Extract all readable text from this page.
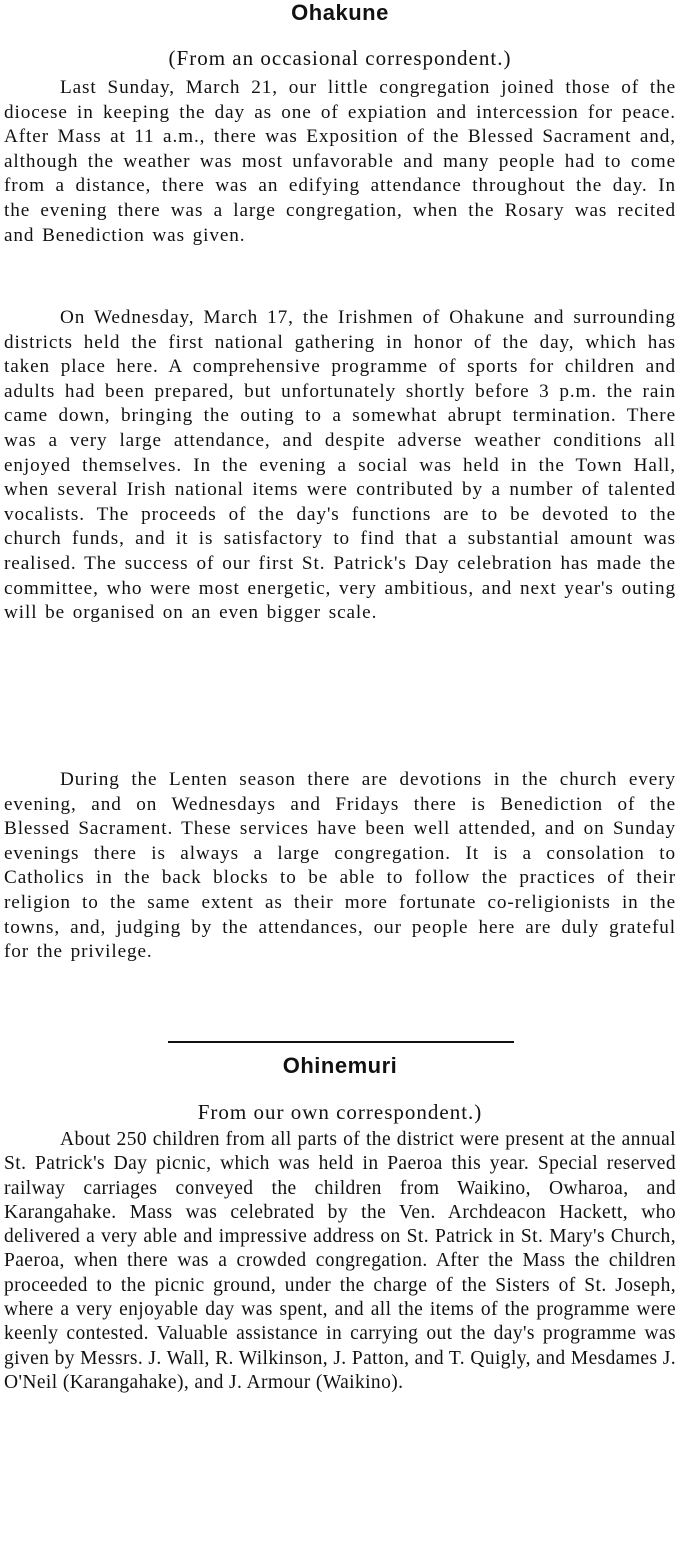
Ohakune
(From an occasional correspondent.)

Last Sunday, March 21, our little congregation joined those of the diocese in keeping the day as one of expiation and intercession for peace. After Mass at 11 a.m., there was Exposition of the Blessed Sacrament and, although the weather was most unfavorable and many people had to come from a distance, there was an edifying attendance throughout the day. In the evening there was a large congregation, when the Rosary was recited and Benediction was given.

On Wednesday, March 17, the Irishmen of Ohakune and surrounding districts held the first national gathering in honor of the day, which has taken place here. A comprehensive programme of sports for children and adults had been prepared, but unfortunately shortly before 3 p.m. the rain came down, bringing the outing to a somewhat abrupt termination. There was a very large attendance, and despite adverse weather conditions all enjoyed themselves. In the evening a social was held in the Town Hall, when several Irish national items were contributed by a number of talented vocalists. The proceeds of the day's functions are to be devoted to the church funds, and it is satisfactory to find that a substantial amount was realised. The success of our first St. Patrick's Day celebration has made the committee, who were most energetic, very ambitious, and next year's outing will be organised on an even bigger scale.

During the Lenten season there are devotions in the church every evening, and on Wednesdays and Fridays there is Benediction of the Blessed Sacrament. These services have been well attended, and on Sunday evenings there is always a large congregation. It is a consolation to Catholics in the back blocks to be able to follow the practices of their religion to the same extent as their more fortunate co-religionists in the towns, and, judging by the attendances, our people here are duly grateful for the privilege.

Ohinemuri
From our own correspondent.)

About 250 children from all parts of the district were present at the annual St. Patrick's Day picnic, which was held in Paeroa this year. Special reserved railway carriages conveyed the children from Waikino, Owharoa, and Karangahake. Mass was celebrated by the Ven. Archdeacon Hackett, who delivered a very able and impressive address on St. Patrick in St. Mary's Church, Paeroa, when there was a crowded congregation. After the Mass the children proceeded to the picnic ground, under the charge of the Sisters of St. Joseph, where a very enjoyable day was spent, and all the items of the programme were keenly contested. Valuable assistance in carrying out the day's programme was given by Messrs. J. Wall, R. Wilkinson, J. Patton, and T. Quigly, and Mesdames J. O'Neil (Karangahake), and J. Armour (Waikino).
